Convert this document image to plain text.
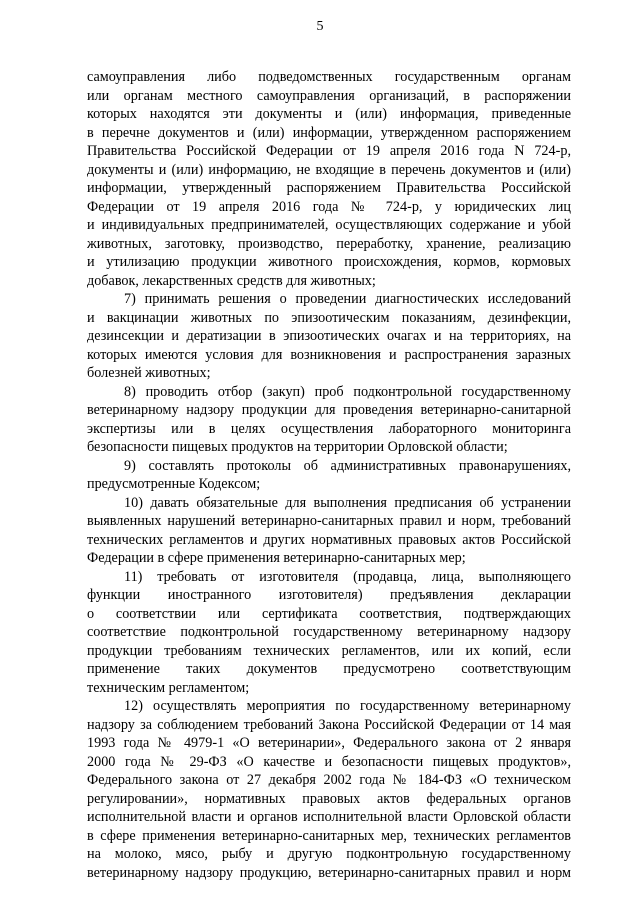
5
самоуправления либо подведомственных государственным органам
или органам местного самоуправления организаций, в распоряжении
которых находятся эти документы и (или) информация, приведенные
в перечне документов и (или) информации, утвержденном распоряжением
Правительства Российской Федерации от 19 апреля 2016 года N 724-р,
документы и (или) информацию, не входящие в перечень документов и (или)
информации, утвержденный распоряжением Правительства Российской
Федерации от 19 апреля 2016 года № 724-р, у юридических лиц
и индивидуальных предпринимателей, осуществляющих содержание и убой
животных, заготовку, производство, переработку, хранение, реализацию
и утилизацию продукции животного происхождения, кормов, кормовых
добавок, лекарственных средств для животных;
7) принимать решения о проведении диагностических исследований
и вакцинации животных по эпизоотическим показаниям, дезинфекции,
дезинсекции и дератизации в эпизоотических очагах и на территориях, на
которых имеются условия для возникновения и распространения заразных
болезней животных;
8) проводить отбор (закуп) проб подконтрольной государственному
ветеринарному надзору продукции для проведения ветеринарно-санитарной
экспертизы или в целях осуществления лабораторного мониторинга
безопасности пищевых продуктов на территории Орловской области;
9) составлять протоколы об административных правонарушениях,
предусмотренные Кодексом;
10) давать обязательные для выполнения предписания об устранении
выявленных нарушений ветеринарно-санитарных правил и норм, требований
технических регламентов и других нормативных правовых актов Российской
Федерации в сфере применения ветеринарно-санитарных мер;
11) требовать от изготовителя (продавца, лица, выполняющего
функции иностранного изготовителя) предъявления декларации
о соответствии или сертификата соответствия, подтверждающих
соответствие подконтрольной государственному ветеринарному надзору
продукции требованиям технических регламентов, или их копий, если
применение таких документов предусмотрено соответствующим
техническим регламентом;
12) осуществлять мероприятия по государственному ветеринарному
надзору за соблюдением требований Закона Российской Федерации от 14 мая
1993 года № 4979-1 «О ветеринарии», Федерального закона от 2 января
2000 года № 29-ФЗ «О качестве и безопасности пищевых продуктов»,
Федерального закона от 27 декабря 2002 года № 184-ФЗ «О техническом
регулировании», нормативных правовых актов федеральных органов
исполнительной власти и органов исполнительной власти Орловской области
в сфере применения ветеринарно-санитарных мер, технических регламентов
на молоко, мясо, рыбу и другую подконтрольную государственному
ветеринарному надзору продукцию, ветеринарно-санитарных правил и норм
